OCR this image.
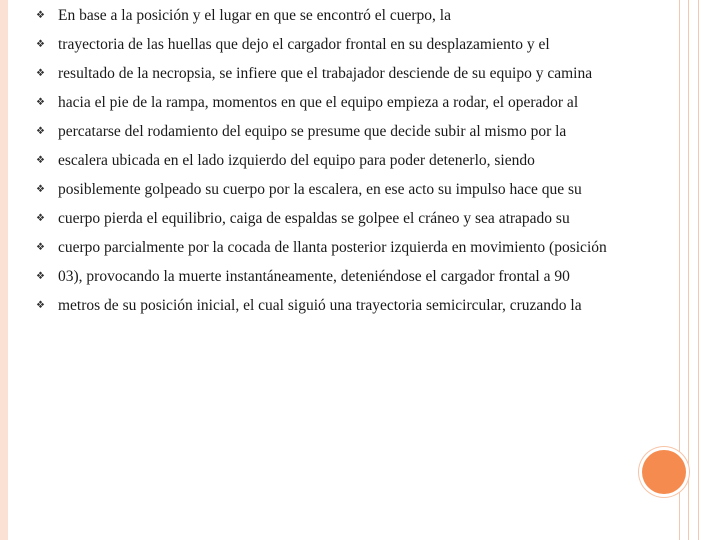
❖ En base a la posición y el lugar en que se encontró el cuerpo, la
❖ trayectoria de las huellas que dejo el cargador frontal en su desplazamiento y el
❖ resultado de la necropsia, se infiere que el trabajador desciende de su equipo y camina
❖ hacia el pie de la rampa, momentos en que el equipo empieza a rodar, el operador al
❖ percatarse del rodamiento del equipo se presume que decide subir al mismo por la
❖ escalera ubicada en el lado izquierdo del equipo para poder detenerlo, siendo
❖ posiblemente golpeado su cuerpo por la escalera, en ese acto su impulso hace que su
❖ cuerpo pierda el equilibrio, caiga de espaldas se golpee el cráneo y sea atrapado su
❖ cuerpo parcialmente por la cocada de llanta posterior izquierda en movimiento (posición
❖ 03), provocando la muerte instantáneamente, deteniéndose el cargador frontal a 90
❖ metros de su posición inicial, el cual siguió una trayectoria semicircular, cruzando la
